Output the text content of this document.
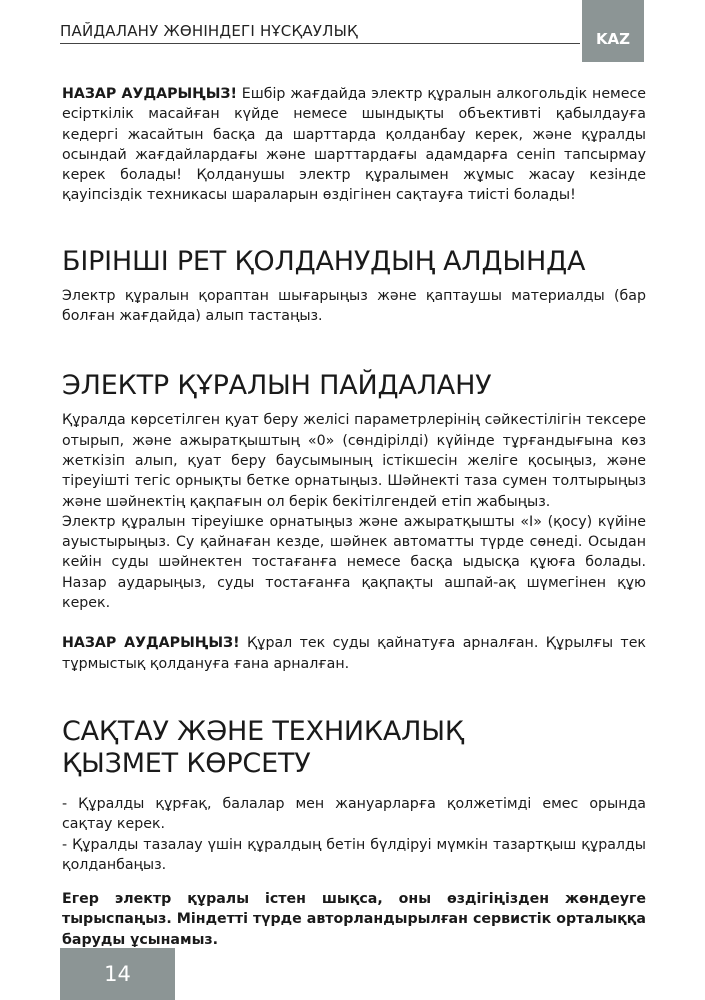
ПАЙДАЛАНУ ЖӨНІНДЕГІ НҰСҚАУЛЫҚ	KAZ

НАЗАР АУДАРЫҢЫЗ! Ешбір жағдайда электр құралын алкогольдік немесе есірткілік масайған күйде немесе шындықты объективті қабылдауға кедергі жасайтын басқа да шарттарда қолданбау керек, және құралды осындай жағдайлардағы және шарттардағы адамдарға сеніп тапсырмау керек болады! Қолданушы электр құралымен жұмыс жасау кезінде қауіпсіздік техникасы шараларын өздігінен сақтауға тиісті болады!

БІРІНШІ РЕТ ҚОЛДАНУДЫҢ АЛДЫНДА

Электр құралын қораптан шығарыңыз және қаптаушы материалды (бар болған жағдайда) алып тастаңыз.

ЭЛЕКТР ҚҰРАЛЫН ПАЙДАЛАНУ

Құралда көрсетілген қуат беру желісі параметрлерінің сәйкестілігін тексере отырып, және ажыратқыштың «0» (сөндірілді) күйінде тұрғандығына көз жеткізіп алып, қуат беру баусымының істікшесін желіге қосыңыз, және тіреуішті тегіс орнықты бетке орнатыңыз. Шәйнекті таза сумен толтырыңыз және шәйнектің қақпағын ол берік бекітілгендей етіп жабыңыз.

Электр құралын тіреуішке орнатыңыз және ажыратқышты «I» (қосу) күйіне ауыстырыңыз. Су қайнаған кезде, шәйнек автоматты түрде сөнеді. Осыдан кейін суды шәйнектен тостағанға немесе басқа ыдысқа құюға болады. Назар аударыңыз, суды тостағанға қақпақты ашпай-ақ шүмегінен құю керек.

НАЗАР АУДАРЫҢЫЗ! Құрал тек суды қайнатуға арналған. Құрылғы тек тұрмыстық қолдануға ғана арналған.

САҚТАУ ЖӘНЕ ТЕХНИКАЛЫҚ
ҚЫЗМЕТ КӨРСЕТУ

- Құралды құрғақ, балалар мен жануарларға қолжетімді емес орында сақтау керек.

- Құралды тазалау үшін құралдың бетін бүлдіруі мүмкін тазартқыш құралды қолданбаңыз.

Егер электр құралы істен шықса, оны өздігіңізден жөндеуге тырыспаңыз. Міндетті түрде авторландырылған сервистік орталыққа баруды ұсынамыз.

14
